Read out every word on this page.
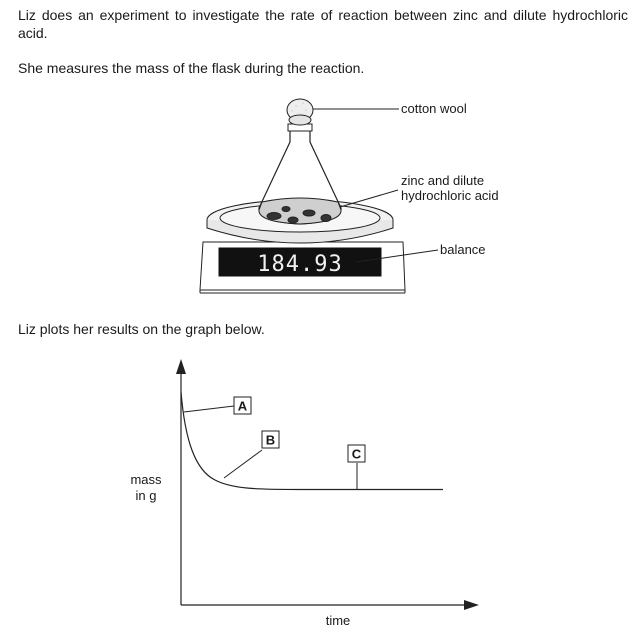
Liz does an experiment to investigate the rate of reaction between zinc and dilute hydrochloric acid.

She measures the mass of the flask during the reaction.

Liz plots her results on the graph below.

184.93
cotton wool
zinc and dilute
hydrochloric acid
balance
A
B
C
mass
in g
time
